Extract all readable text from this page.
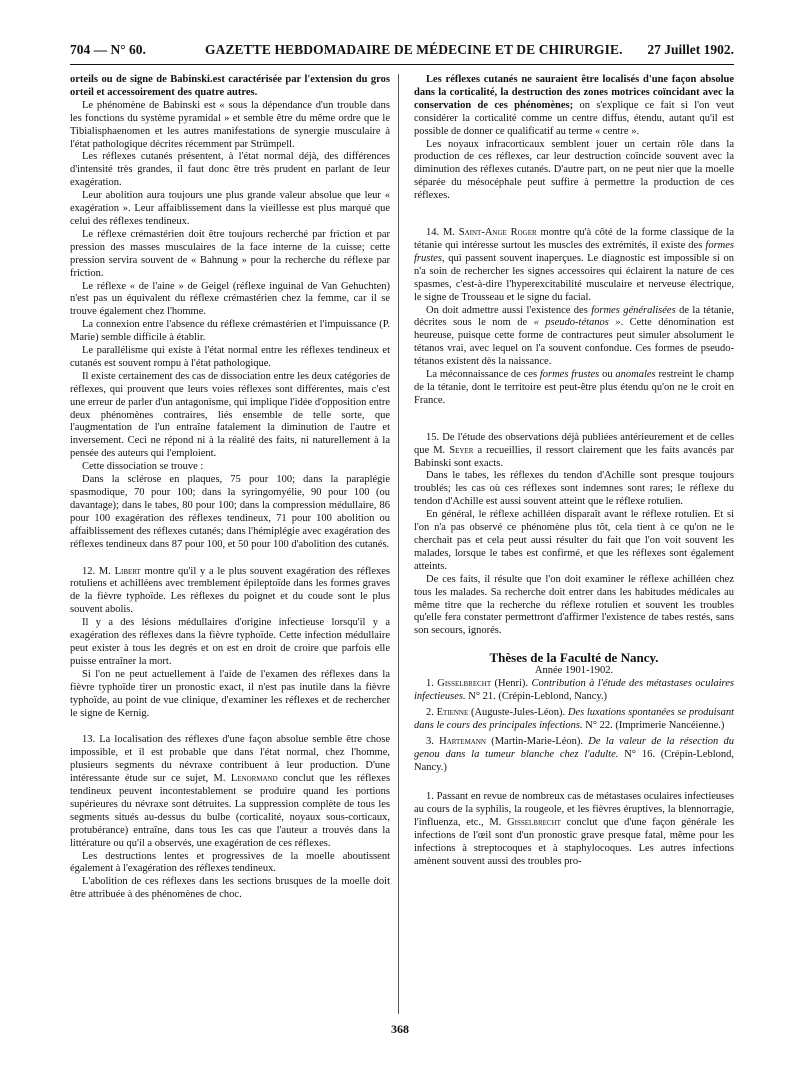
704 — N° 60.	GAZETTE HEBDOMADAIRE DE MÉDECINE ET DE CHIRURGIE. 27 Juillet 1902.

orteils ou de signe de Babinski.est caractérisée par l'extension du gros orteil et accessoirement des quatre autres.

Le phénomène de Babinski est « sous la dépendance d'un trouble dans les fonctions du système pyramidal » et semble être du même ordre que le Tibialisphaenomen et les autres manifestations de synergie musculaire à l'état pathologique décrites récemment par Strümpell.

Les réflexes cutanés présentent, à l'état normal déjà, des différences d'intensité très grandes, il faut donc être très prudent en parlant de leur exagération.

Leur abolition aura toujours une plus grande valeur absolue que leur « exagération ». Leur affaiblissement dans la vieillesse est plus marqué que celui des réflexes tendineux.

Le réflexe crémastérien doit être toujours recherché par friction et par pression des masses musculaires de la face interne de la cuisse; cette pression servira souvent de « Bahnung » pour la recherche du réflexe par friction.

Le réflexe « de l'aine » de Geigel (réflexe inguinal de Van Gehuchten) n'est pas un équivalent du réflexe crémastérien chez la femme, car il se trouve également chez l'homme.

La connexion entre l'absence du réflexe crémastérien et l'impuissance (P. Marie) semble difficile à établir.

Le parallélisme qui existe à l'état normal entre les réflexes tendineux et cutanés est souvent rompu à l'état pathologique.

Il existe certainement des cas de dissociation entre les deux catégories de réflexes, qui prouvent que leurs voies réflexes sont différentes, mais c'est une erreur de parler d'un antagonisme, qui implique l'idée d'opposition entre deux phénomènes contraires, liés ensemble de telle sorte, que l'augmentation de l'un entraîne fatalement la diminution de l'autre et inversement. Ceci ne répond ni à la réalité des faits, ni naturellement à la pensée des auteurs qui l'emploient.

Cette dissociation se trouve :

Dans la sclérose en plaques, 75 pour 100; dans la paraplégie spasmodique, 70 pour 100; dans la syringomyélie, 90 pour 100 (ou davantage); dans le tabes, 80 pour 100; dans la compression médullaire, 86 pour 100 exagération des réflexes tendineux, 71 pour 100 abolition ou affaiblissement des réflexes cutanés; dans l'hémiplégie avec exagération des réflexes tendineux dans 87 pour 100, et 50 pour 100 d'abolition des cutanés.

12. M. Libert montre qu'il y a le plus souvent exagération des réflexes rotuliens et achilléens avec tremblement épileptoïde dans les formes graves de la fièvre typhoïde. Les réflexes du poignet et du coude sont le plus souvent abolis.

Il y a des lésions médullaires d'origine infectieuse lorsqu'il y a exagération des réflexes dans la fièvre typhoïde. Cette infection médullaire peut exister à tous les degrés et on est en droit de croire que parfois elle puisse entraîner la mort.

Si l'on ne peut actuellement à l'aide de l'examen des réflexes dans la fièvre typhoïde tirer un pronostic exact, il n'est pas inutile dans la fièvre typhoïde, au point de vue clinique, d'examiner les réflexes et de rechercher le signe de Kernig.

13. La localisation des réflexes d'une façon absolue semble être chose impossible, et il est probable que dans l'état normal, chez l'homme, plusieurs segments du névraxe contribuent à leur production. D'une intéressante étude sur ce sujet, M. Lenormand conclut que les réflexes tendineux peuvent incontestablement se produire quand les portions supérieures du névraxe sont détruites. La suppression complète de tous les segments situés au-dessus du bulbe (corticalité, noyaux sous-corticaux, protubérance) entraîne, dans tous les cas que l'auteur a trouvés dans la littérature ou qu'il a observés, une exagération de ces réflexes.

Les destructions lentes et progressives de la moelle aboutissent également à l'exagération des réflexes tendineux.

L'abolition de ces réflexes dans les sections brusques de la moelle doit être attribuée à des phénomènes de choc.

Les réflexes cutanés ne sauraient être localisés d'une façon absolue dans la corticalité, la destruction des zones motrices coïncidant avec la conservation de ces phénomènes; on s'explique ce fait si l'on veut considérer la corticalité comme un centre diffus, étendu, autant qu'il est possible de donner ce qualificatif au terme « centre ».

Les noyaux infracorticaux semblent jouer un certain rôle dans la production de ces réflexes, car leur destruction coïncide souvent avec la diminution des réflexes cutanés. D'autre part, on ne peut nier que la moelle séparée du mésocéphale peut suffire à permettre la production de ces réflexes.

14. M. Saint-Ange Roger montre qu'à côté de la forme classique de la tétanie qui intéresse surtout les muscles des extrémités, il existe des formes frustes, qui passent souvent inaperçues. Le diagnostic est impossible si on n'a soin de rechercher les signes accessoires qui éclairent la nature de ces spasmes, c'est-à-dire l'hyperexcitabilité musculaire et nerveuse électrique, le signe de Trousseau et le signe du facial.

On doit admettre aussi l'existence des formes généralisées de la tétanie, décrites sous le nom de « pseudo-tétanos ». Cette dénomination est heureuse, puisque cette forme de contractures peut simuler absolument le tétanos vrai, avec lequel on l'a souvent confondue. Ces formes de pseudo-tétanos existent dès la naissance.

La méconnaissance de ces formes frustes ou anomales restreint le champ de la tétanie, dont le territoire est peut-être plus étendu qu'on ne le croit en France.

15. De l'étude des observations déjà publiées antérieurement et de celles que M. Seyer a recueillies, il ressort clairement que les faits avancés par Babinski sont exacts.

Dans le tabes, les réflexes du tendon d'Achille sont presque toujours troublés; les cas où ces réflexes sont indemnes sont rares; le réflexe du tendon d'Achille est aussi souvent atteint que le réflexe rotulien.

En général, le réflexe achilléen disparaît avant le réflexe rotulien. Et si l'on n'a pas observé ce phénomène plus tôt, cela tient à ce qu'on ne le cherchait pas et cela peut aussi résulter du fait que l'on voit souvent les malades, lorsque le tabes est confirmé, et que les réflexes sont également atteints.

De ces faits, il résulte que l'on doit examiner le réflexe achilléen chez tous les malades. Sa recherche doit entrer dans les habitudes médicales au même titre que la recherche du réflexe rotulien et souvent les troubles qu'elle fera constater permettront d'affirmer l'existence de tabes restés, sans son secours, ignorés.

Thèses de la Faculté de Nancy.

Année 1901-1902.

1. Gisselbrecht (Henri). Contribution à l'étude des métastases oculaires infectieuses. N° 21. (Crépin-Leblond, Nancy.)

2. Etienne (Auguste-Jules-Léon). Des luxations spontanées se produisant dans le cours des principales infections. N° 22. (Imprimerie Nancéienne.)

3. Hartemann (Martin-Marie-Léon). De la valeur de la résection du genou dans la tumeur blanche chez l'adulte. N° 16. (Crépin-Leblond, Nancy.)

1. Passant en revue de nombreux cas de métastases oculaires infectieuses au cours de la syphilis, la rougeole, et les fièvres éruptives, la blennorragie, l'influenza, etc., M. Gisselbrecht conclut que d'une façon générale les infections de l'œil sont d'un pronostic grave presque fatal, même pour les infections à streptocoques et à staphylocoques. Les autres infections amènent souvent aussi des troubles pro-

368
